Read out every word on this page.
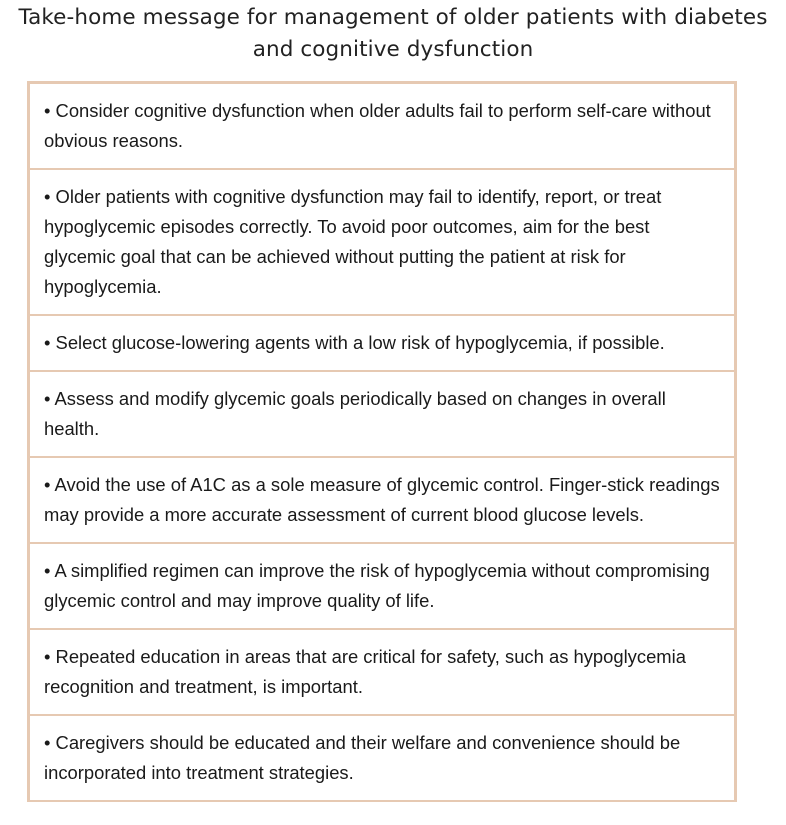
Take-home message for management of older patients with diabetes and cognitive dysfunction
• Consider cognitive dysfunction when older adults fail to perform self-care without obvious reasons.
• Older patients with cognitive dysfunction may fail to identify, report, or treat hypoglycemic episodes correctly. To avoid poor outcomes, aim for the best glycemic goal that can be achieved without putting the patient at risk for hypoglycemia.
• Select glucose-lowering agents with a low risk of hypoglycemia, if possible.
• Assess and modify glycemic goals periodically based on changes in overall health.
• Avoid the use of A1C as a sole measure of glycemic control. Finger-stick readings may provide a more accurate assessment of current blood glucose levels.
• A simplified regimen can improve the risk of hypoglycemia without compromising glycemic control and may improve quality of life.
• Repeated education in areas that are critical for safety, such as hypoglycemia recognition and treatment, is important.
• Caregivers should be educated and their welfare and convenience should be incorporated into treatment strategies.
